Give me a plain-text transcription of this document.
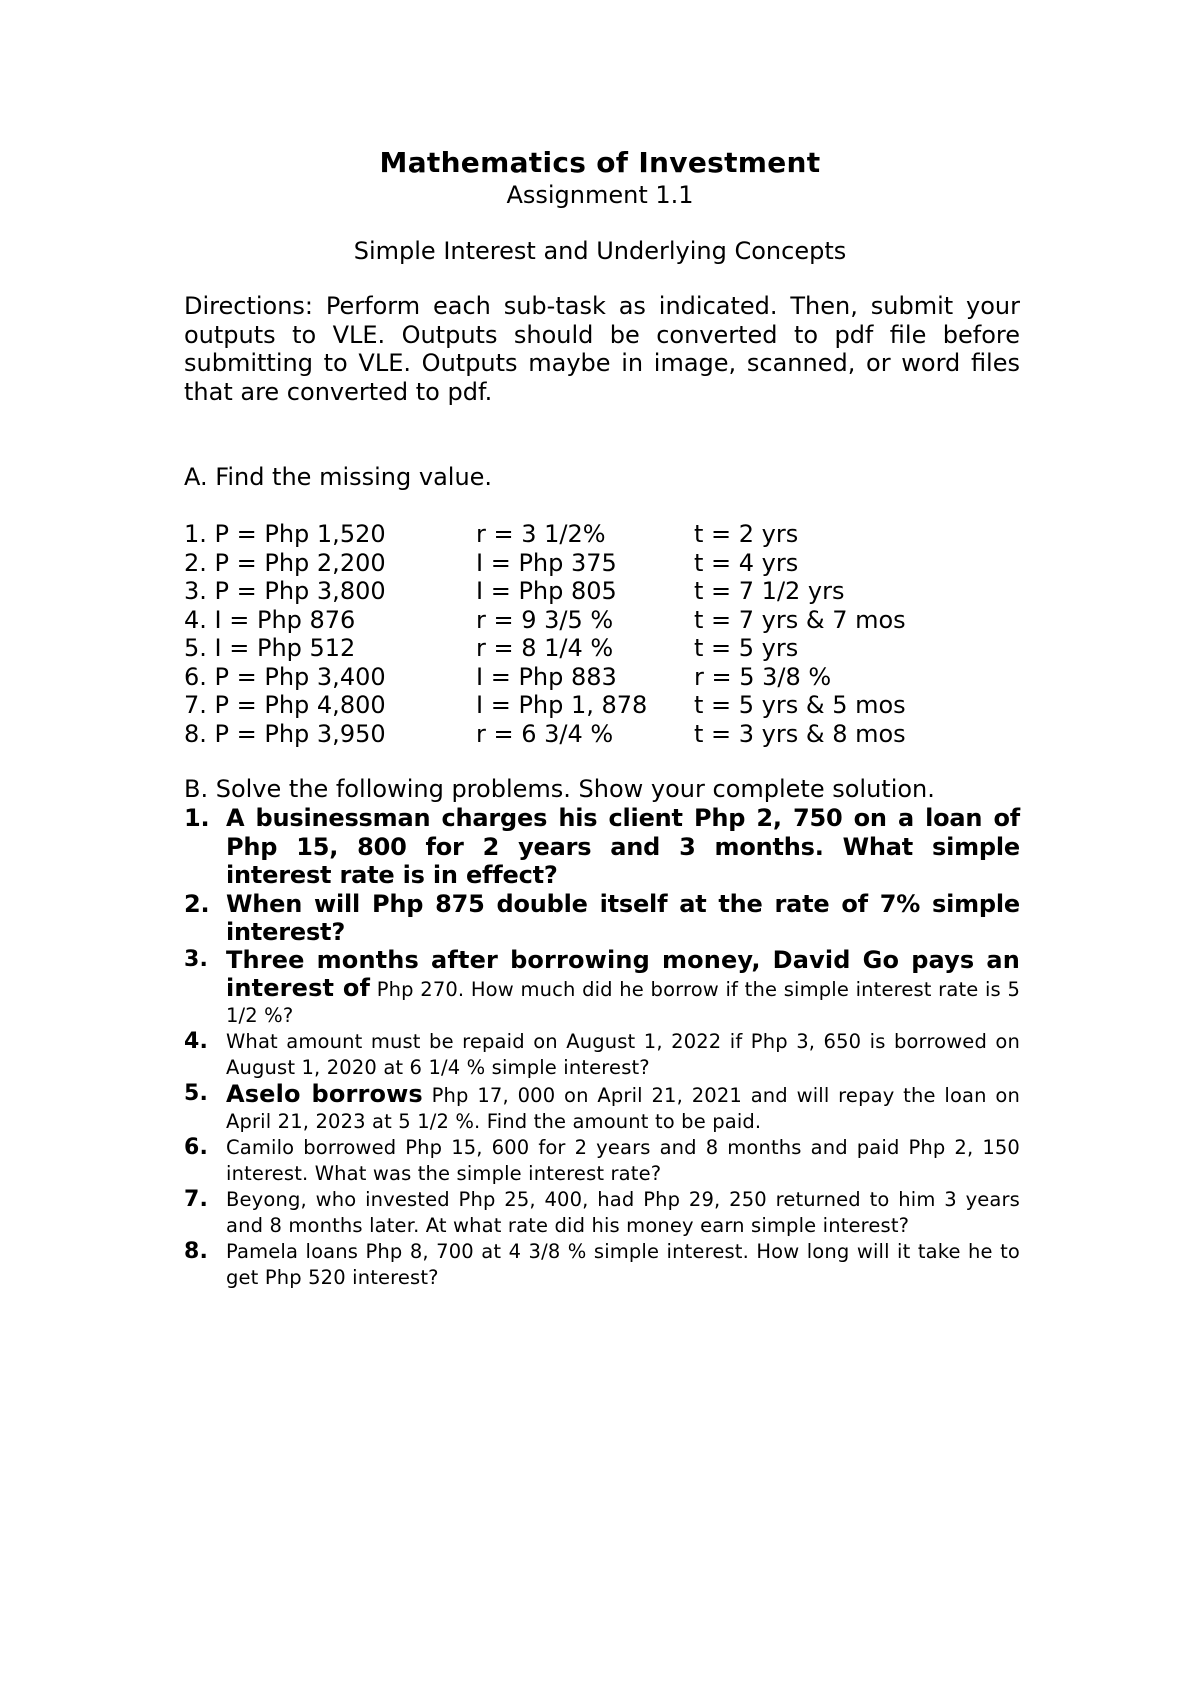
Mathematics of Investment
Assignment 1.1
Simple Interest and Underlying Concepts
Directions: Perform each sub-task as indicated. Then, submit your outputs to VLE. Outputs should be converted to pdf file before submitting to VLE. Outputs maybe in image, scanned, or word files that are converted to pdf.
A. Find the missing value.
1. P = Php 1,520	r = 3 1/2%	t = 2 yrs
2. P = Php 2,200	I = Php 375	t = 4 yrs
3. P = Php 3,800	I = Php 805	t = 7 1/2 yrs
4. I = Php 876	r = 9 3/5 %	t = 7 yrs & 7 mos
5. I = Php 512	r = 8 1/4 %	t = 5 yrs
6. P = Php 3,400	I = Php 883	r = 5 3/8 %
7. P = Php 4,800	I = Php 1, 878 t = 5 yrs & 5 mos
8. P = Php 3,950	r = 6 3/4 %	t = 3 yrs & 8 mos
B. Solve the following problems. Show your complete solution.
1. A businessman charges his client Php 2, 750 on a loan of Php 15, 800 for 2 years and 3 months. What simple interest rate is in effect?
2. When will Php 875 double itself at the rate of 7% simple interest?
3. Three months after borrowing money, David Go pays an interest of Php 270. How much did he borrow if the simple interest rate is 5 1/2 %?
4. What amount must be repaid on August 1, 2022 if Php 3, 650 is borrowed on August 1, 2020 at 6 1/4 % simple interest?
5. Aselo borrows Php 17, 000 on April 21, 2021 and will repay the loan on April 21, 2023 at 5 1/2 %. Find the amount to be paid.
6. Camilo borrowed Php 15, 600 for 2 years and 8 months and paid Php 2, 150 interest. What was the simple interest rate?
7. Beyong, who invested Php 25, 400, had Php 29, 250 returned to him 3 years and 8 months later. At what rate did his money earn simple interest?
8. Pamela loans Php 8, 700 at 4 3/8 % simple interest. How long will it take he to get Php 520 interest?
